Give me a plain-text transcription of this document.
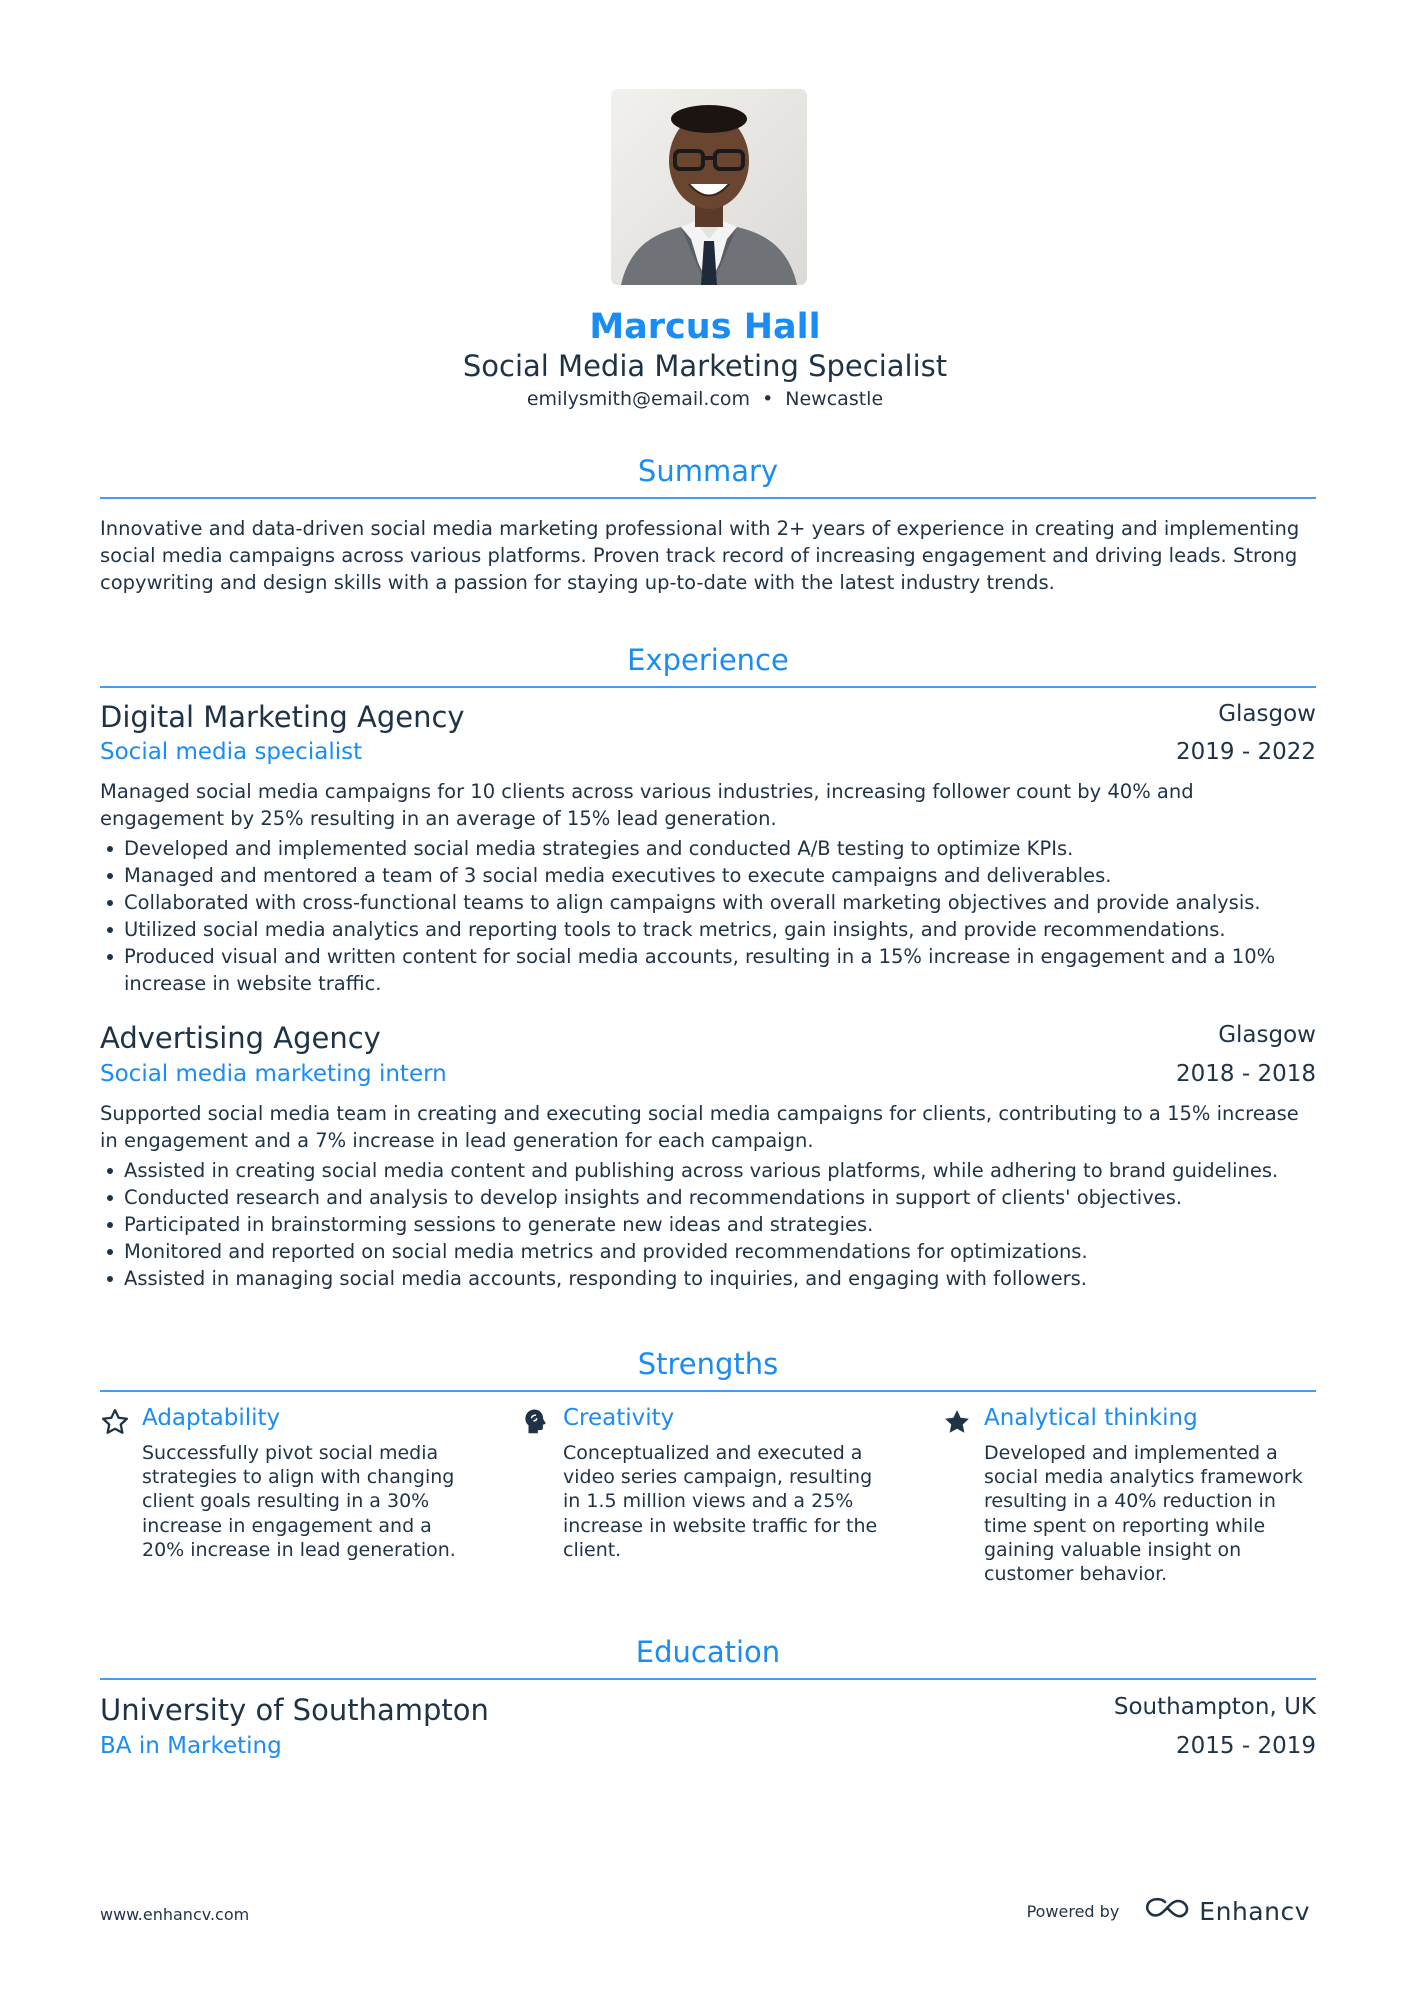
Marcus Hall
Social Media Marketing Specialist
emilysmith@email.com • Newcastle
Summary
Innovative and data-driven social media marketing professional with 2+ years of experience in creating and implementing social media campaigns across various platforms. Proven track record of increasing engagement and driving leads. Strong copywriting and design skills with a passion for staying up-to-date with the latest industry trends.
Experience
Digital Marketing Agency	Glasgow
Social media specialist	2019 - 2022
Managed social media campaigns for 10 clients across various industries, increasing follower count by 40% and engagement by 25% resulting in an average of 15% lead generation.
Developed and implemented social media strategies and conducted A/B testing to optimize KPIs.
Managed and mentored a team of 3 social media executives to execute campaigns and deliverables.
Collaborated with cross-functional teams to align campaigns with overall marketing objectives and provide analysis.
Utilized social media analytics and reporting tools to track metrics, gain insights, and provide recommendations.
Produced visual and written content for social media accounts, resulting in a 15% increase in engagement and a 10% increase in website traffic.
Advertising Agency	Glasgow
Social media marketing intern	2018 - 2018
Supported social media team in creating and executing social media campaigns for clients, contributing to a 15% increase in engagement and a 7% increase in lead generation for each campaign.
Assisted in creating social media content and publishing across various platforms, while adhering to brand guidelines.
Conducted research and analysis to develop insights and recommendations in support of clients' objectives.
Participated in brainstorming sessions to generate new ideas and strategies.
Monitored and reported on social media metrics and provided recommendations for optimizations.
Assisted in managing social media accounts, responding to inquiries, and engaging with followers.
Strengths
Adaptability
Successfully pivot social media strategies to align with changing client goals resulting in a 30% increase in engagement and a 20% increase in lead generation.
Creativity
Conceptualized and executed a video series campaign, resulting in 1.5 million views and a 25% increase in website traffic for the client.
Analytical thinking
Developed and implemented a social media analytics framework resulting in a 40% reduction in time spent on reporting while gaining valuable insight on customer behavior.
Education
University of Southampton	Southampton, UK
BA in Marketing	2015 - 2019
www.enhancv.com	Powered by	Enhancv
